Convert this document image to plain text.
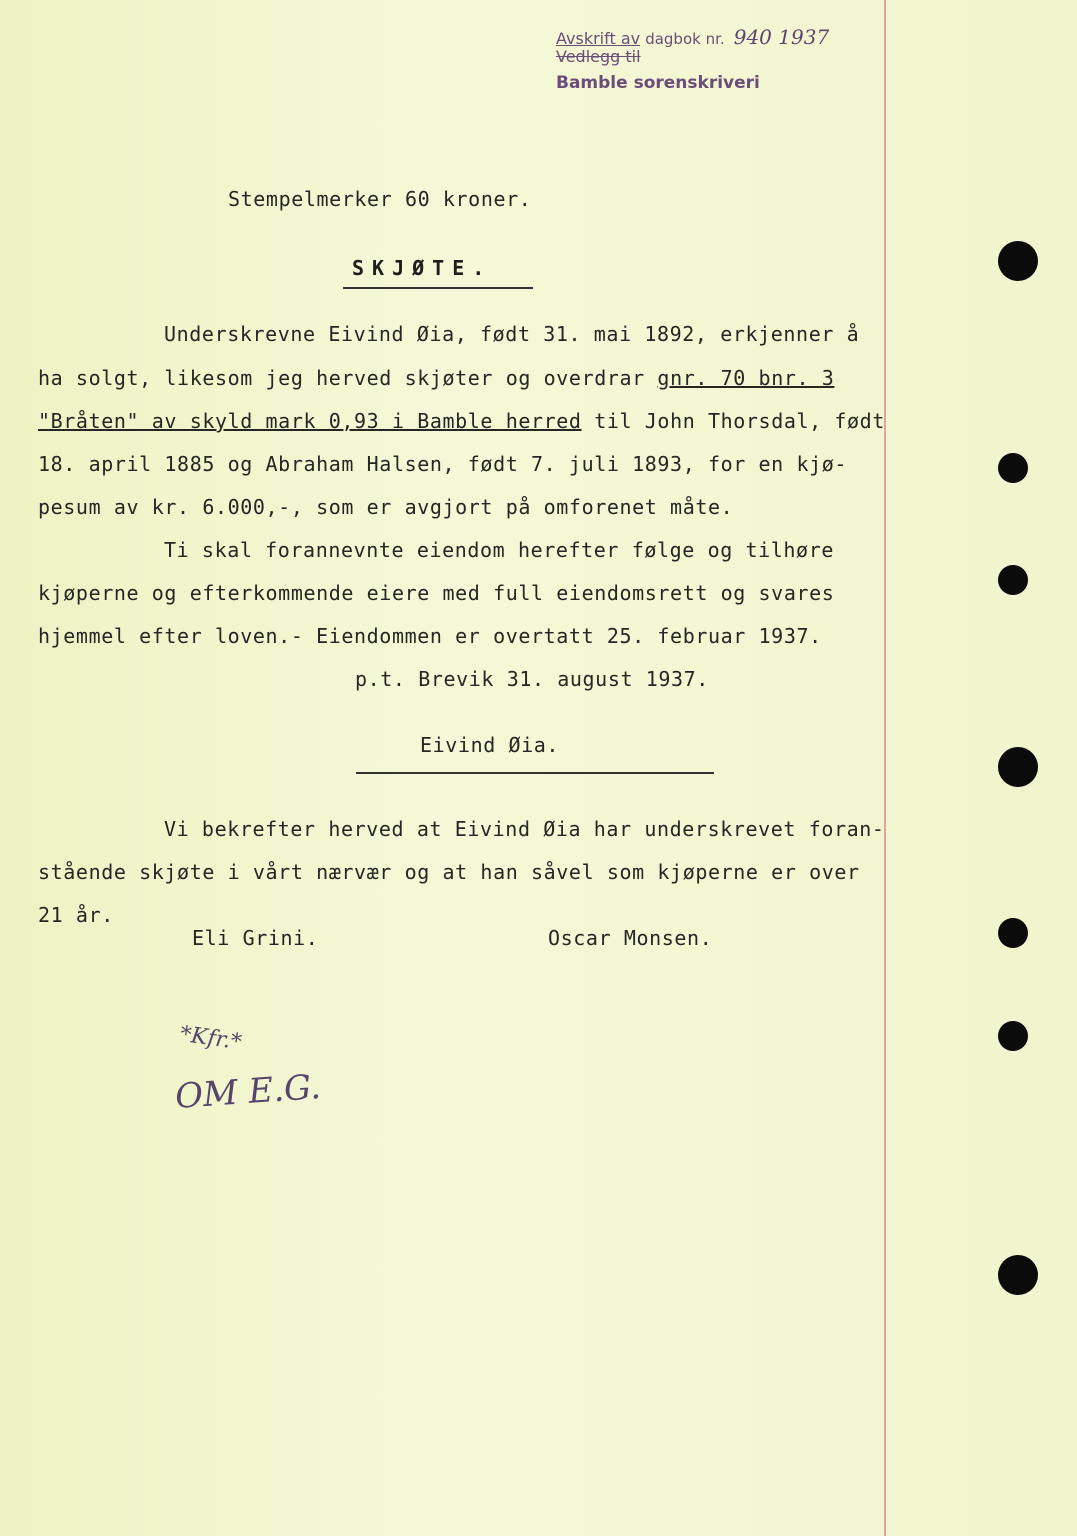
Avskrift av dagbok nr. 940 1937
Vedlegg til
Bamble sorenskriveri
Stempelmerker 60 kroner.
SKJØTE.
Underskrevne Eivind Øia, født 31. mai 1892, erkjenner å
ha solgt, likesom jeg herved skjøter og overdrar gnr. 70 bnr. 3
"Bråten" av skyld mark 0,93 i Bamble herred til John Thorsdal, født
18. april 1885 og Abraham Halsen, født 7. juli 1893, for en kjø-
pesum av kr. 6.000,-, som er avgjort på omforenet måte.
Ti skal forannevnte eiendom herefter følge og tilhøre
kjøperne og efterkommende eiere med full eiendomsrett og svares
hjemmel efter loven.- Eiendommen er overtatt 25. februar 1937.
p.t. Brevik 31. august 1937.
Eivind Øia.
Vi bekrefter herved at Eivind Øia har underskrevet foran-
stående skjøte i vårt nærvær og at han såvel som kjøperne er over
21 år.
Eli Grini.	Oscar Monsen.
*Kfr.*
OM E.G.
